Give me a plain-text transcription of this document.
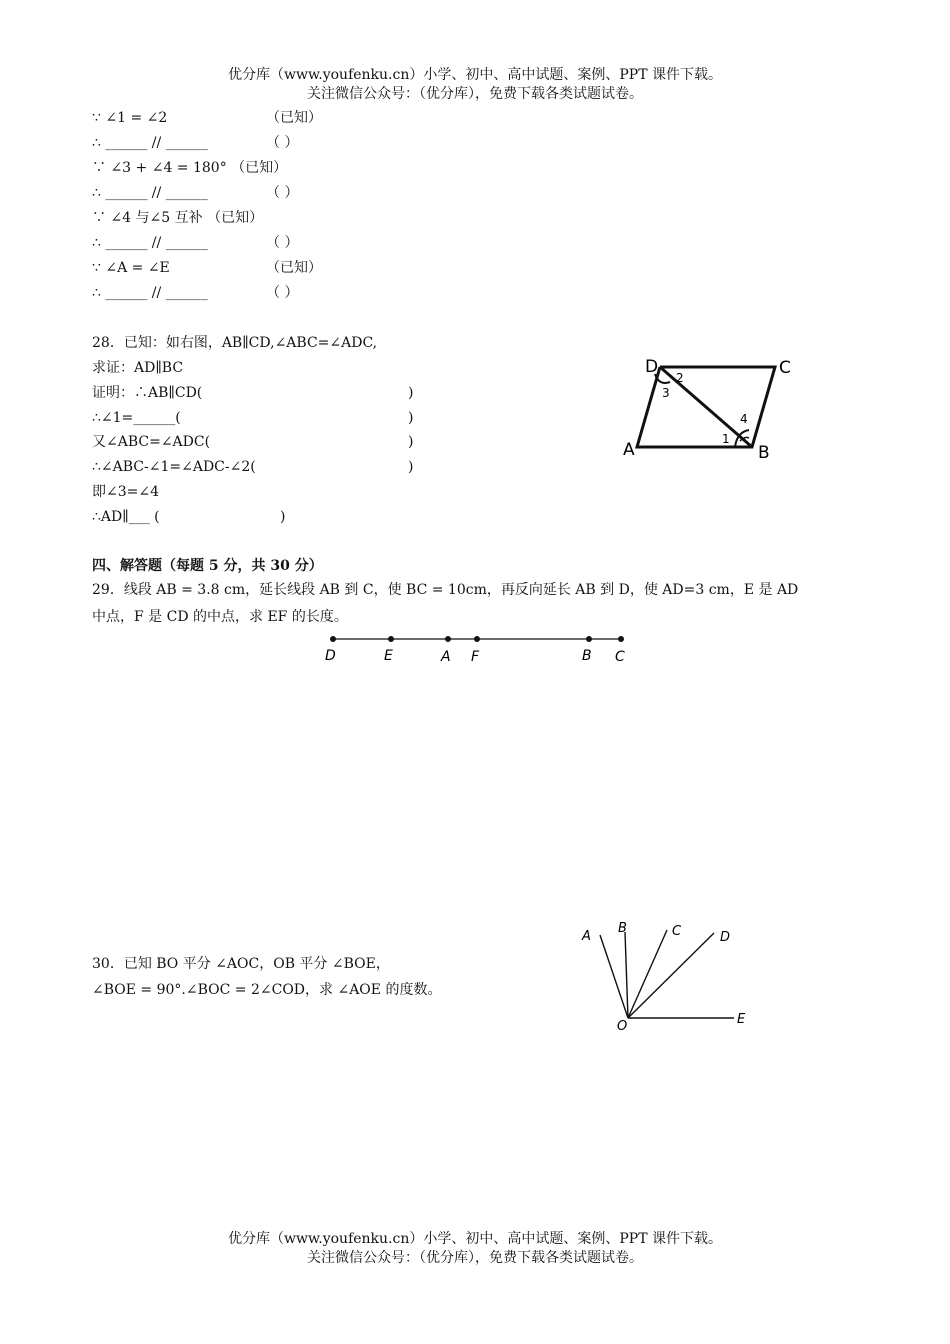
优分库（www.youfenku.cn）小学、初中、高中试题、案例、PPT 课件下载。
关注微信公众号：（优分库），免费下载各类试题试卷。
∵ ∠1 = ∠2	（已知）
∴ ______ // ______	（ ）
∵ ∠3 + ∠4 = 180° （已知）
∴ ______ // ______	（ ）
∵ ∠4 与∠5 互补 （已知）
∴ ______ // ______	（ ）
∵ ∠A = ∠E	（已知）
∴ ______ // ______	（ ）
28．已知：如右图，AB∥CD,∠ABC=∠ADC,
求证：AD∥BC
证明：∴AB∥CD(	)
∴∠1=______(	)
又∠ABC=∠ADC(	)
∴∠ABC-∠1=∠ADC-∠2(	)
即∠3=∠4
∴AD∥___ (	)
D	C
A	B
1
2
3
4
四、解答题（每题 5 分，共 30 分）
29．线段 AB = 3.8 cm，延长线段 AB 到 C，使 BC = 10cm，再反向延长 AB 到 D，使 AD=3 cm，E 是 AD
中点，F 是 CD 的中点，求 EF 的长度。
D	E	A F	B C
30．已知 BO 平分 ∠AOC，OB 平分 ∠BOE，
∠BOE = 90°.∠BOC = 2∠COD，求 ∠AOE 的度数。
A
B	C	D
O	E
优分库（www.youfenku.cn）小学、初中、高中试题、案例、PPT 课件下载。
关注微信公众号：（优分库），免费下载各类试题试卷。
